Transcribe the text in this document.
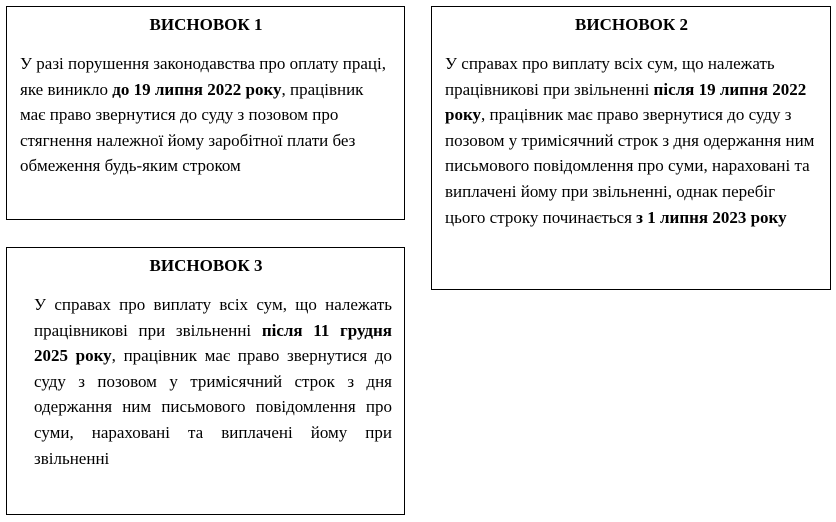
ВИСНОВОК 1

У разі порушення законодавства про оплату праці, яке виникло до 19 липня 2022 року, працівник має право звернутися до суду з позовом про стягнення належної йому заробітної плати без обмеження будь-яким строком

ВИСНОВОК 2

У справах про виплату всіх сум, що належать працівникові при звільненні після 19 липня 2022 року, працівник має право звернутися до суду з позовом у тримісячний строк з дня одержання ним письмового повідомлення про суми, нараховані та виплачені йому при звільненні, однак перебіг цього строку починається з 1 липня 2023 року

ВИСНОВОК 3

У справах про виплату всіх сум, що належать працівникові при звільненні після 11 грудня 2025 року, працівник має право звернутися до суду з позовом у тримісячний строк з дня одержання ним письмового повідомлення про суми, нараховані та виплачені йому при звільненні
